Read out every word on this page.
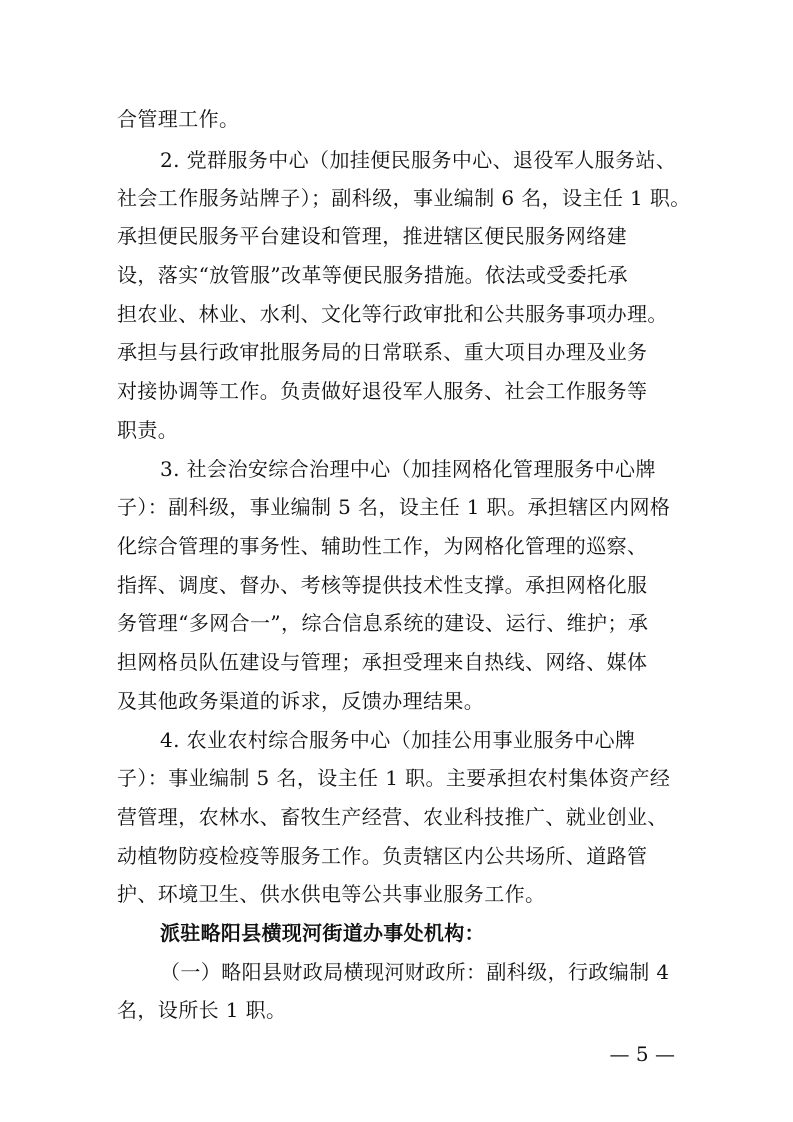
合管理工作。
2. 党群服务中心（加挂便民服务中心、退役军人服务站、
社会工作服务站牌子）；副科级，事业编制 6 名，设主任 1 职。
承担便民服务平台建设和管理，推进辖区便民服务网络建
设，落实“放管服”改革等便民服务措施。依法或受委托承
担农业、林业、水利、文化等行政审批和公共服务事项办理。
承担与县行政审批服务局的日常联系、重大项目办理及业务
对接协调等工作。负责做好退役军人服务、社会工作服务等
职责。
3. 社会治安综合治理中心（加挂网格化管理服务中心牌
子）：副科级，事业编制 5 名，设主任 1 职。承担辖区内网格
化综合管理的事务性、辅助性工作，为网格化管理的巡察、
指挥、调度、督办、考核等提供技术性支撑。承担网格化服
务管理“多网合一”，综合信息系统的建设、运行、维护；承
担网格员队伍建设与管理；承担受理来自热线、网络、媒体
及其他政务渠道的诉求，反馈办理结果。
4. 农业农村综合服务中心（加挂公用事业服务中心牌
子）：事业编制 5 名，设主任 1 职。主要承担农村集体资产经
营管理，农林水、畜牧生产经营、农业科技推广、就业创业、
动植物防疫检疫等服务工作。负责辖区内公共场所、道路管
护、环境卫生、供水供电等公共事业服务工作。
派驻略阳县横现河街道办事处机构：
（一）略阳县财政局横现河财政所：副科级，行政编制 4
名，设所长 1 职。
— 5 —
